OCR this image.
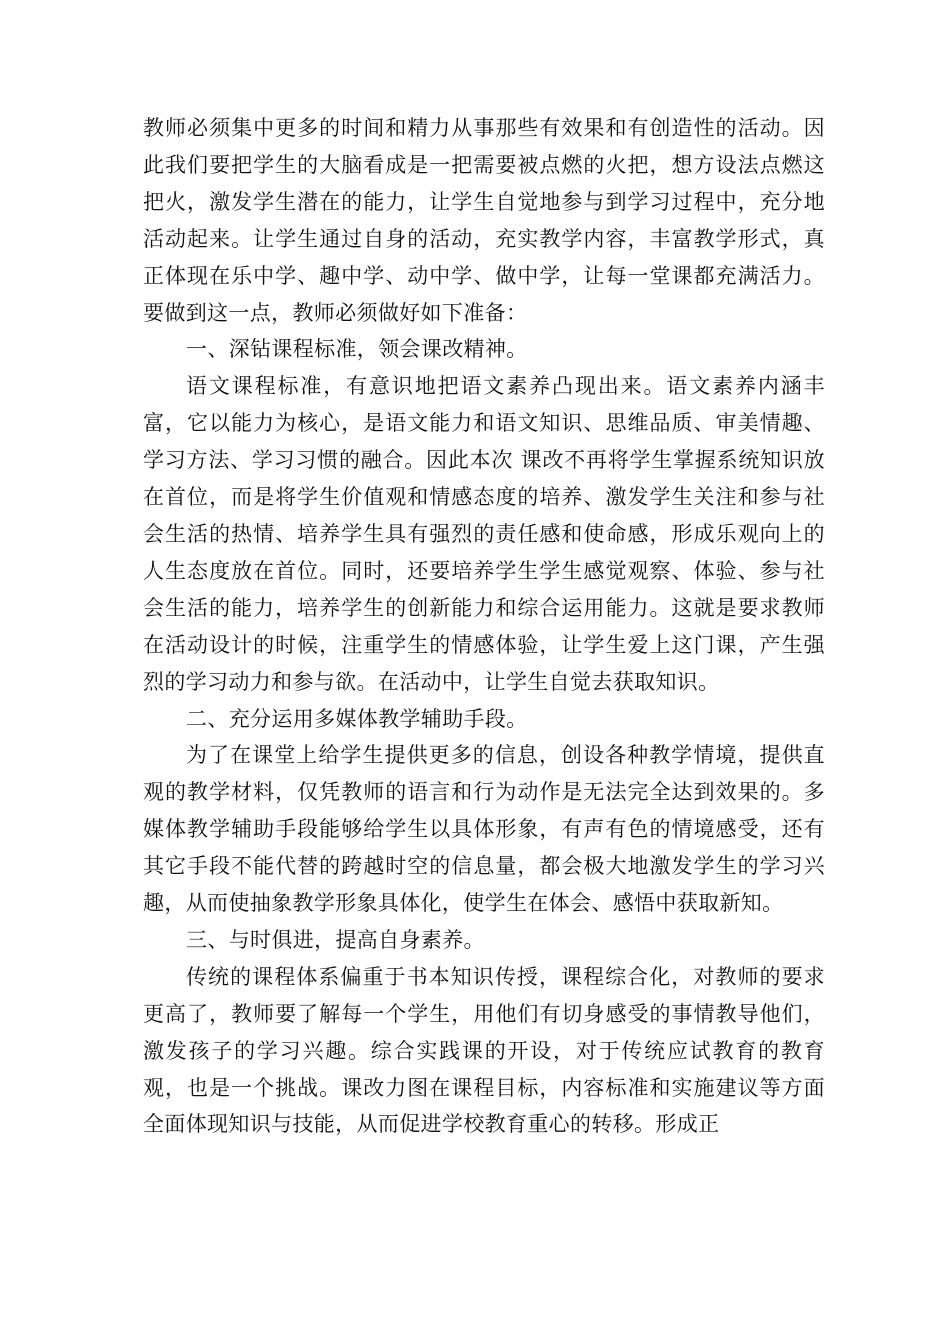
教师必须集中更多的时间和精力从事那些有效果和有创造性的活动。因此我们要把学生的大脑看成是一把需要被点燃的火把，想方设法点燃这把火，激发学生潜在的能力，让学生自觉地参与到学习过程中，充分地活动起来。让学生通过自身的活动，充实教学内容，丰富教学形式，真正体现在乐中学、趣中学、动中学、做中学，让每一堂课都充满活力。要做到这一点，教师必须做好如下准备：

一、深钻课程标准，领会课改精神。

语文课程标准，有意识地把语文素养凸现出来。语文素养内涵丰富，它以能力为核心，是语文能力和语文知识、思维品质、审美情趣、学习方法、学习习惯的融合。因此本次 课改不再将学生掌握系统知识放在首位，而是将学生价值观和情感态度的培养、激发学生关注和参与社会生活的热情、培养学生具有强烈的责任感和使命感，形成乐观向上的人生态度放在首位。同时，还要培养学生学生感觉观察、体验、参与社会生活的能力，培养学生的创新能力和综合运用能力。这就是要求教师在活动设计的时候，注重学生的情感体验，让学生爱上这门课，产生强烈的学习动力和参与欲。在活动中，让学生自觉去获取知识。

二、充分运用多媒体教学辅助手段。

为了在课堂上给学生提供更多的信息，创设各种教学情境，提供直观的教学材料，仅凭教师的语言和行为动作是无法完全达到效果的。多媒体教学辅助手段能够给学生以具体形象，有声有色的情境感受，还有其它手段不能代替的跨越时空的信息量，都会极大地激发学生的学习兴趣，从而使抽象教学形象具体化，使学生在体会、感悟中获取新知。

三、与时俱进，提高自身素养。

传统的课程体系偏重于书本知识传授，课程综合化，对教师的要求更高了，教师要了解每一个学生，用他们有切身感受的事情教导他们，激发孩子的学习兴趣。综合实践课的开设，对于传统应试教育的教育观，也是一个挑战。课改力图在课程目标，内容标准和实施建议等方面全面体现知识与技能，从而促进学校教育重心的转移。形成正
